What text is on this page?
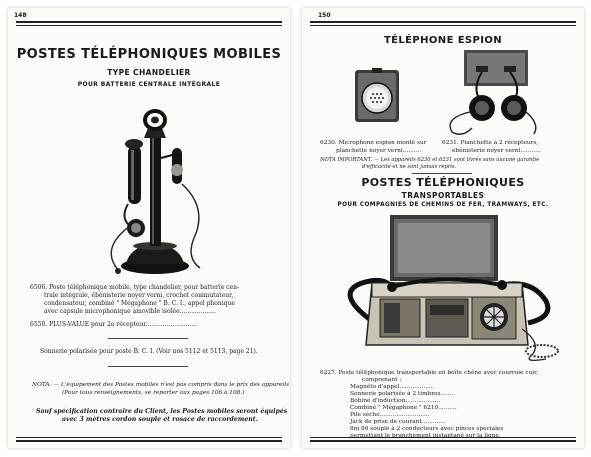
148
POSTES TÉLÉPHONIQUES MOBILES
TYPE CHANDELIER
POUR BATTERIE CENTRALE INTÉGRALE
6506. Poste téléphonique mobile, type chandelier, pour batterie cen-
trale intégrale, ébénisterie noyer verni, crochet commutateur,
condensateur, combiné " Mégaphone " B. C. I., appel phonique
avec capsule microphonique amovible isolée...................
6550. PLUS-VALUE pour 2e récepteur...........................
Sonnerie polarisée pour poste B. C. I. (Voir nos 5112 et 5113, page 21).
NOTA. — L'équipement des Postes mobiles n'est pas compris dans le prix des appareils
(Pour tous renseignements, se reporter aux pages 106 à 108.)
Sauf spécification contraire du Client, les Postes mobiles seront équipés
avec 3 mètres cordon souple et rosace de raccordement.
150
TÉLÉPHONE ESPION
6230. Microphone espion monté sur
planchette noyer verni..........
6231. Planchette à 2 récepteurs,
ébénisterie noyer verni...........
NOTA IMPORTANT. — Les appareils 6230 et 6231 sont livrés sans aucune garantie
d'efficacité et ne sont jamais repris.
POSTES TÉLÉPHONIQUES
TRANSPORTABLES
POUR COMPAGNIES DE CHEMINS DE FER, TRAMWAYS, ETC.
6227. Poste téléphonique transportable en boîte chêne avec courroie cuir,
comprenant :
Magnéto d'appel...................
Sonnerie polarisée à 2 timbres.......
Bobine d'induction...................
Combiné " Mégaphone " 6210..........
Pile sèche...........................
Jack de prise de courant.............
8m 80 souple à 2 conducteurs avec pinces spéciales
permettant le branchement instantané sur la ligne.
